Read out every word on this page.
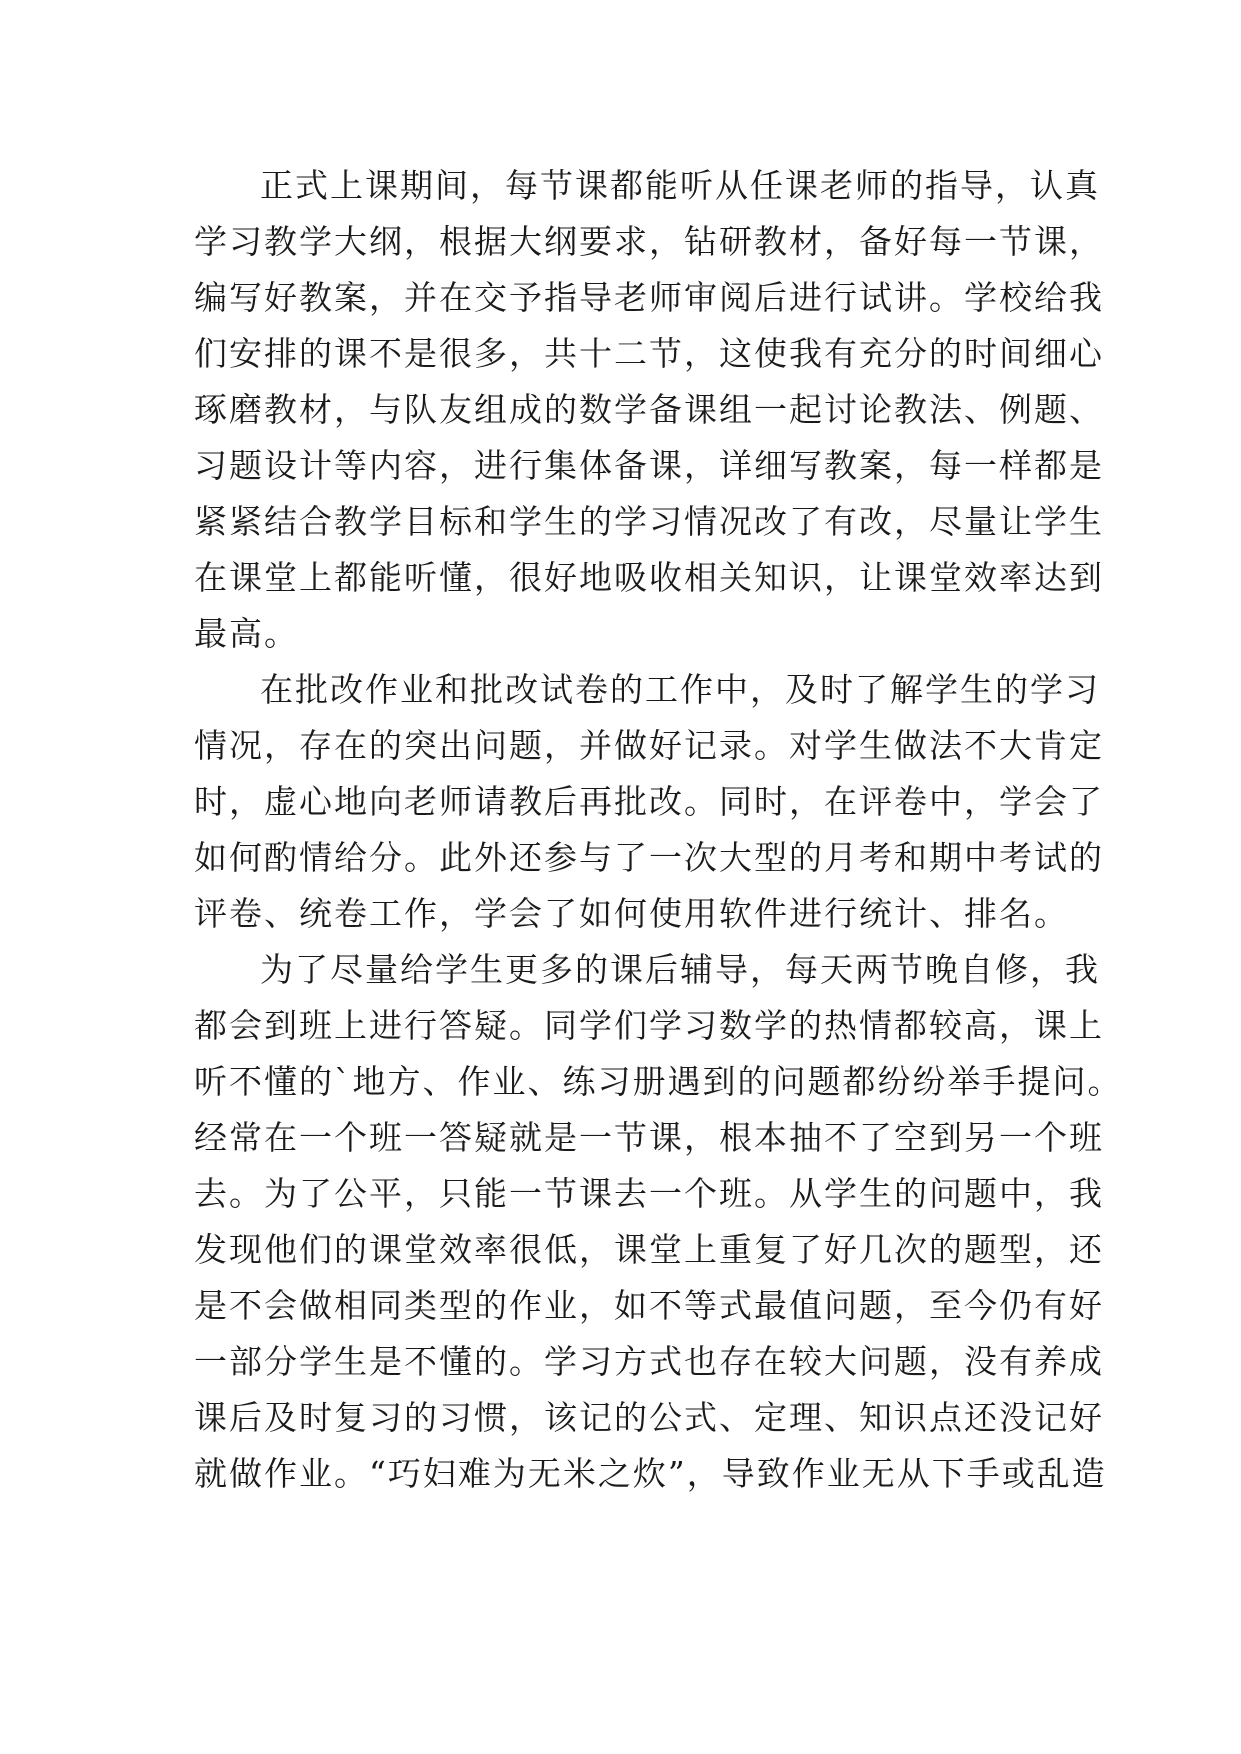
正式上课期间，每节课都能听从任课老师的指导，认真
学习教学大纲，根据大纲要求，钻研教材，备好每一节课，
编写好教案，并在交予指导老师审阅后进行试讲。学校给我
们安排的课不是很多，共十二节，这使我有充分的时间细心
琢磨教材，与队友组成的数学备课组一起讨论教法、例题、
习题设计等内容，进行集体备课，详细写教案，每一样都是
紧紧结合教学目标和学生的学习情况改了有改，尽量让学生
在课堂上都能听懂，很好地吸收相关知识，让课堂效率达到
最高。
在批改作业和批改试卷的工作中，及时了解学生的学习
情况，存在的突出问题，并做好记录。对学生做法不大肯定
时，虚心地向老师请教后再批改。同时，在评卷中，学会了
如何酌情给分。此外还参与了一次大型的月考和期中考试的
评卷、统卷工作，学会了如何使用软件进行统计、排名。
为了尽量给学生更多的课后辅导，每天两节晚自修，我
都会到班上进行答疑。同学们学习数学的热情都较高，课上
听不懂的`地方、作业、练习册遇到的问题都纷纷举手提问。
经常在一个班一答疑就是一节课，根本抽不了空到另一个班
去。为了公平，只能一节课去一个班。从学生的问题中，我
发现他们的课堂效率很低，课堂上重复了好几次的题型，还
是不会做相同类型的作业，如不等式最值问题，至今仍有好
一部分学生是不懂的。学习方式也存在较大问题，没有养成
课后及时复习的习惯，该记的公式、定理、知识点还没记好
就做作业。“巧妇难为无米之炊”，导致作业无从下手或乱造
